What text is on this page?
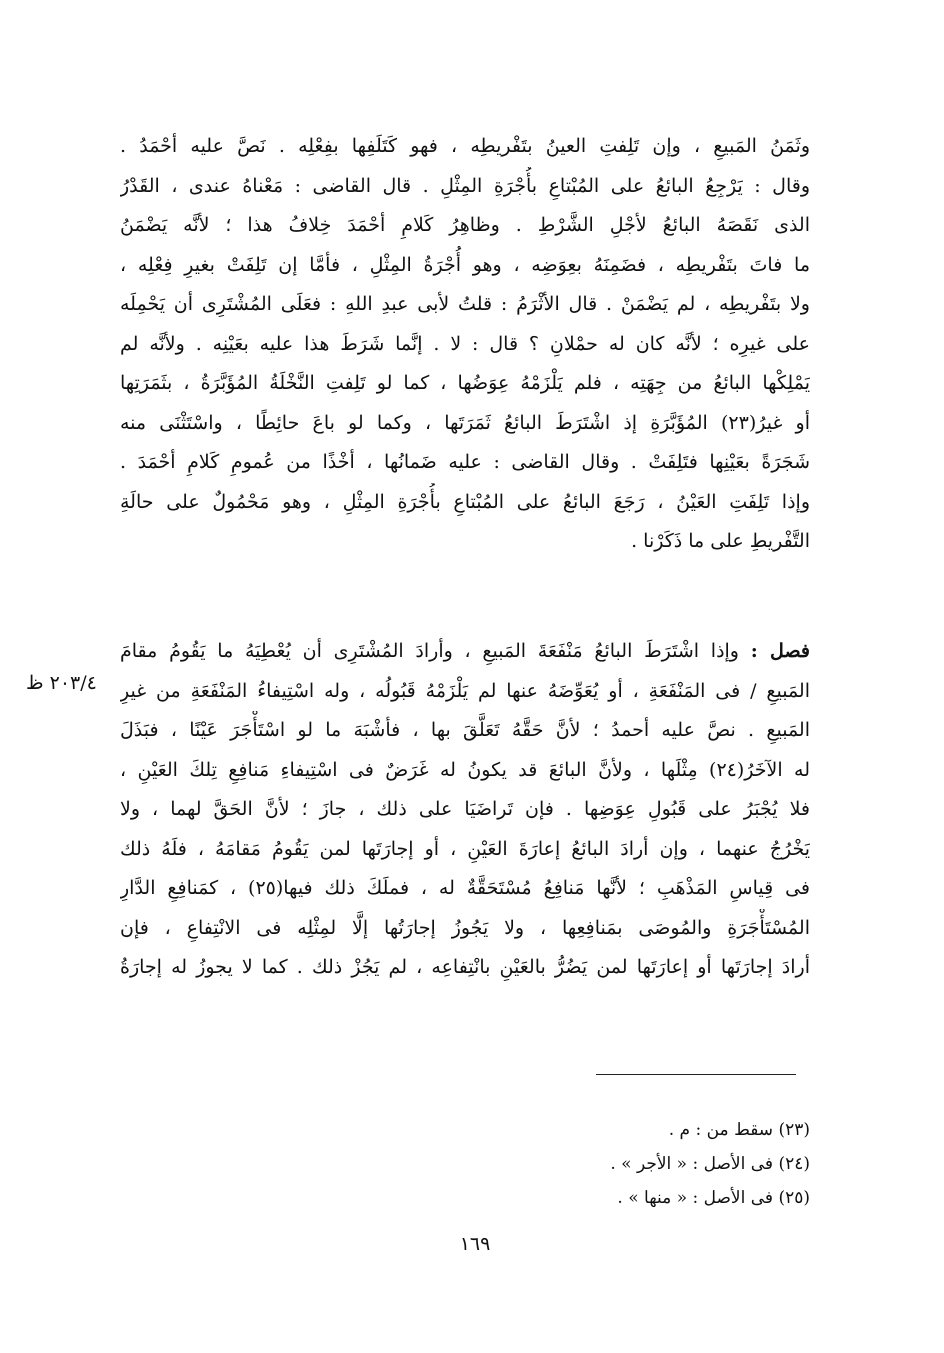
وثَمَنُ المَبيعِ ، وإن تَلِفتِ العينُ بتَفْريطِه ، فهو كَتَلَفِها بفِعْلِه . نَصَّ عليه أحْمَدُ .
وقال : يَرْجِعُ البائعُ على المُبْتاعِ بأُجْرَةِ المِثْلِ . قال القاضى : مَعْناهُ عندى ، القَدْرُ
الذى نَقَصَهُ البائعُ لأجْلِ الشَّرْطِ . وظاهِرُ كَلامِ أحْمَدَ خِلافُ هذا ؛ لأنَّه يَضْمَنُ
ما فاتَ بتَفْريطِه ، فضَمِنَهُ بعِوَضِه ، وهو أُجْرَةُ المِثْلِ ، فأمَّا إن تَلِفَتْ بغيرِ فِعْلِه ،
ولا بتَفْريطِه ، لم يَضْمَنْ . قال الأثْرَمُ : قلتُ لأبى عبدِ اللهِ : فعَلَى المُشْتَرِى أن يَحْمِلَه
على غيرِه ؛ لأنَّه كان له حمْلانِ ؟ قال : لا . إنَّما شَرَطَ هذا عليه بعَيْنِه . ولأنَّه لم
يَمْلِكْها البائعُ من جِهَتِه ، فلم يَلْزَمْهُ عِوَضُها ، كما لو تَلِفتِ النَّخْلَةُ المُؤَبَّرَةُ ، بثَمَرَتِها
أو غيرُ(٢٣) المُؤَبَّرَةِ إذ اشْتَرَطَ البائعُ ثَمَرَتَها ، وكما لو باعَ حائِطًا ، واسْتَثْنَى منه
شَجَرَةً بعَيْنِها فتَلِفَتْ . وقال القاضى : عليه ضَمانُها ، أخْذًا من عُمومِ كَلامِ أحْمَدَ .
وإذا تَلِفَتِ العَيْنُ ، رَجَعَ البائعُ على المُبْتاعِ بأُجْرَةِ المِثْلِ ، وهو مَحْمُولٌ على حالَةِ
التَّفْريطِ على ما ذَكَرْنا .
فصل : وإذا اشْتَرَطَ البائعُ مَنْفَعَةَ المَبيعِ ، وأرادَ المُشْتَرِى أن يُعْطِيَهُ ما يَقُومُ مقامَ
المَبيعِ / فى المَنْفَعَةِ ، أو يُعَوِّضَهُ عنها لم يَلْزَمْهُ قَبُولُه ، وله اسْتِيفاءُ المَنْفَعَةِ من غيرِ
المَبيعِ . نصَّ عليه أحمدُ ؛ لأنَّ حَقَّهُ تَعَلَّقَ بها ، فأشْبَهَ ما لو اسْتَأْجَرَ عَيْنًا ، فبَذَلَ
له الآخَرُ(٢٤) مِثْلَها ، ولأنَّ البائعَ قد يكونُ له غَرَضٌ فى اسْتِيفاءِ مَنافِعِ تِلكَ العَيْنِ ،
فلا يُجْبَرُ على قَبُولِ عِوَضِها . فإن تَراضَيَا على ذلك ، جازَ ؛ لأنَّ الحَقَّ لهما ، ولا
يَخْرُجُ عنهما ، وإن أرادَ البائعُ إعارَةَ العَيْنِ ، أو إجارَتَها لمن يَقُومُ مَقامَهُ ، فلَهُ ذلك
فى قِياسِ المَذْهَبِ ؛ لأنَّها مَنافِعُ مُسْتَحَقَّةٌ له ، فملَكَ ذلك فيها(٢٥) ، كمَنافِعِ الدَّارِ
المُسْتَأْجَرَةِ والمُوصَى بمَنافِعِها ، ولا يَجُوزُ إجارَتُها إلَّا لمِثْلِه فى الانْتِفاعِ ، فإن
أرادَ إجارَتَها أو إعارَتَها لمن يَضُرُّ بالعَيْنِ بانْتِفاعِه ، لم يَجُزْ ذلك . كما لا يجوزُ له إجارَةُ
٢٠٣/٤ ظ
(٢٣) سقط من : م .
(٢٤) فى الأصل : « الأجر » .
(٢٥) فى الأصل : « منها » .
١٦٩
